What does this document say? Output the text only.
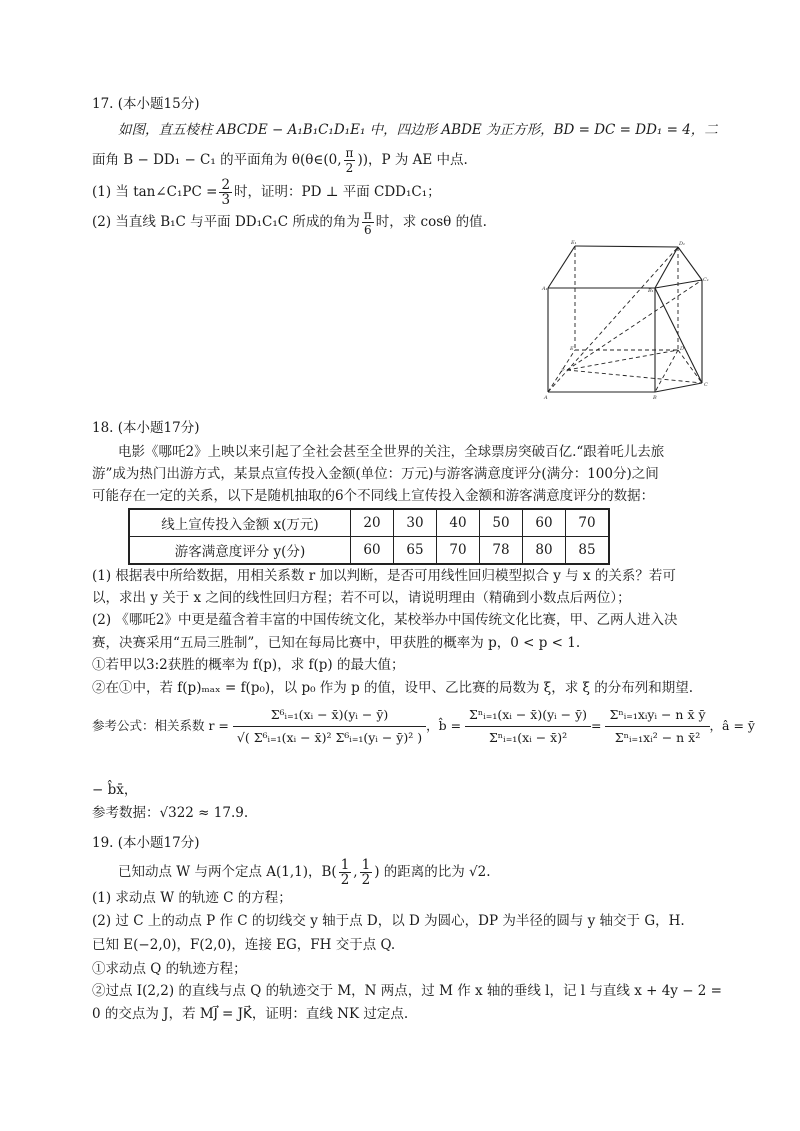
17. (本小题15分)
如图，直五棱柱 ABCDE − A₁B₁C₁D₁E₁ 中，四边形 ABDE 为正方形，BD = DC = DD₁ = 4，二
面角 B − DD₁ − C₁ 的平面角为 θ(θ∈(0, $\frac{\pi}{2}$ ))，P 为 AE 中点.
(1) 当 tan∠C₁PC = $\frac{2}{3}$ 时，证明：PD ⊥ 平面 CDD₁C₁；
(2) 当直线 B₁C 与平面 DD₁C₁C 所成的角为 $\frac{\pi}{6}$ 时，求 cosθ 的值.
E₁	D₁
A₁	B₁
C₁
E	D
P
A	B
C
18. (本小题17分)
电影《哪吒2》上映以来引起了全社会甚至全世界的关注，全球票房突破百亿.“跟着吒儿去旅
游”成为热门出游方式，某景点宣传投入金额(单位：万元)与游客满意度评分(满分：100分)之间
可能存在一定的关系，以下是随机抽取的6个不同线上宣传投入金额和游客满意度评分的数据：
线上宣传投入金额 x(万元)	20	30	40	50	60	70
游客满意度评分 y(分)	60	65	70	78	80	85
(1) 根据表中所给数据，用相关系数 r 加以判断，是否可用线性回归模型拟合 y 与 x 的关系？若可
以，求出 y 关于 x 之间的线性回归方程；若不可以，请说明理由（精确到小数点后两位）；
(2) 《哪吒2》中更是蕴含着丰富的中国传统文化，某校举办中国传统文化比赛，甲、乙两人进入决
赛，决赛采用“五局三胜制”，已知在每局比赛中，甲获胜的概率为 p，0 < p < 1.
①若甲以3:2获胜的概率为 f(p)，求 f(p) 的最大值；
②在①中，若 f(p)ₘₐₓ = f(p₀)，以 p₀ 作为 p 的值，设甲、乙比赛的局数为 ξ，求 ξ 的分布列和期望.
参考公式：相关系数 $r = \frac{\text{Σ⁶ᵢ₌₁(xᵢ − x̄)(yᵢ − ȳ)}}{\text{√( Σ⁶ᵢ₌₁(xᵢ − x̄)² Σ⁶ᵢ₌₁(yᵢ − ȳ)² )}}$ ，b̂ =
Σⁿᵢ₌₁(xᵢ − x̄)(yᵢ − ȳ)
Σⁿᵢ₌₁(xᵢ − x̄)²
=
Σⁿᵢ₌₁xᵢyᵢ − n x̄ ȳ
Σⁿᵢ₌₁xᵢ² − n x̄²
，â = ȳ
− b̂x̄，
参考数据：√322 ≈ 17.9.
19. (本小题17分)
已知动点 W 与两个定点 A(1,1)，$B( \frac{1}{2}$ , $\frac{1}{2}$ ) 的距离的比为 √2.
(1) 求动点 W 的轨迹 C 的方程；
(2) 过 C 上的动点 P 作 C 的切线交 y 轴于点 D，以 D 为圆心，DP 为半径的圆与 y 轴交于 G，H.
已知 E(−2,0)，F(2,0)，连接 EG，FH 交于点 Q.
①求动点 Q 的轨迹方程；
②过点 I(2,2) 的直线与点 Q 的轨迹交于 M，N 两点，过 M 作 x 轴的垂线 l，记 l 与直线 x + 4y − 2 =
0 的交点为 J，若 MJ⃗ = JK⃗，证明：直线 NK 过定点.
